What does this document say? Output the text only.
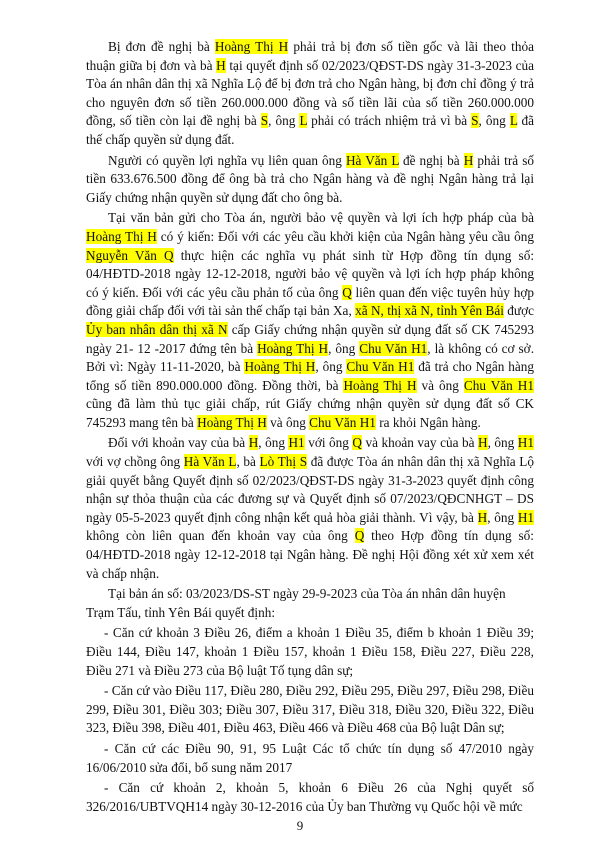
Bị đơn đề nghị bà Hoàng Thị H phải trả bị đơn số tiền gốc và lãi theo thỏa thuận giữa bị đơn và bà H tại quyết định số 02/2023/QĐST-DS ngày 31-3-2023 của Tòa án nhân dân thị xã Nghĩa Lộ để bị đơn trả cho Ngân hàng, bị đơn chỉ đồng ý trả cho nguyên đơn số tiền 260.000.000 đồng và số tiền lãi của số tiền 260.000.000 đồng, số tiền còn lại đề nghị bà S, ông L phải có trách nhiệm trả vì bà S, ông L đã thế chấp quyền sử dụng đất.

Người có quyền lợi nghĩa vụ liên quan ông Hà Văn L đề nghị bà H phải trả số tiền 633.676.500 đồng để ông bà trả cho Ngân hàng và đề nghị Ngân hàng trả lại Giấy chứng nhận quyền sử dụng đất cho ông bà.

Tại văn bản gửi cho Tòa án, người bảo vệ quyền và lợi ích hợp pháp của bà Hoàng Thị H có ý kiến: Đối với các yêu cầu khởi kiện của Ngân hàng yêu cầu ông Nguyễn Văn Q thực hiện các nghĩa vụ phát sinh từ Hợp đồng tín dụng số: 04/HĐTD-2018 ngày 12-12-2018, người bảo vệ quyền và lợi ích hợp pháp không có ý kiến. Đối với các yêu cầu phản tố của ông Q liên quan đến việc tuyên hủy hợp đồng giải chấp đối với tài sản thế chấp tại bản Xa, xã N, thị xã N, tỉnh Yên Bái được Ủy ban nhân dân thị xã N cấp Giấy chứng nhận quyền sử dụng đất số CK 745293 ngày 21- 12 -2017 đứng tên bà Hoàng Thị H, ông Chu Văn H1, là không có cơ sở. Bởi vì: Ngày 11-11-2020, bà Hoàng Thị H, ông Chu Văn H1 đã trả cho Ngân hàng tổng số tiền 890.000.000 đồng. Đồng thời, bà Hoàng Thị H và ông Chu Văn H1 cũng đã làm thủ tục giải chấp, rút Giấy chứng nhận quyền sử dụng đất số CK 745293 mang tên bà Hoàng Thị H và ông Chu Văn H1 ra khỏi Ngân hàng.

Đối với khoản vay của bà H, ông H1 với ông Q và khoản vay của bà H, ông H1 với vợ chồng ông Hà Văn L, bà Lò Thị S đã được Tòa án nhân dân thị xã Nghĩa Lộ giải quyết bằng Quyết định số 02/2023/QĐST-DS ngày 31-3-2023 quyết định công nhận sự thỏa thuận của các đương sự và Quyết định số 07/2023/QĐCNHGT – DS ngày 05-5-2023 quyết định công nhận kết quả hòa giải thành. Vì vậy, bà H, ông H1 không còn liên quan đến khoản vay của ông Q theo Hợp đồng tín dụng số: 04/HĐTD-2018 ngày 12-12-2018 tại Ngân hàng. Đề nghị Hội đồng xét xử xem xét và chấp nhận.

Tại bản án số: 03/2023/DS-ST ngày 29-9-2023 của Tòa án nhân dân huyện Trạm Tấu, tỉnh Yên Bái quyết định:

- Căn cứ khoản 3 Điều 26, điểm a khoản 1 Điều 35, điểm b khoản 1 Điều 39; Điều 144, Điều 147, khoản 1 Điều 157, khoản 1 Điều 158, Điều 227, Điều 228, Điều 271 và Điều 273 của Bộ luật Tố tụng dân sự;

- Căn cứ vào Điều 117, Điều 280, Điều 292, Điều 295, Điều 297, Điều 298, Điều 299, Điều 301, Điều 303; Điều 307, Điều 317, Điều 318, Điều 320, Điều 322, Điều 323, Điều 398, Điều 401, Điều 463, Điều 466 và Điều 468 của Bộ luật Dân sự;

- Căn cứ các Điều 90, 91, 95 Luật Các tổ chức tín dụng số 47/2010 ngày 16/06/2010 sửa đổi, bổ sung năm 2017

- Căn cứ khoản 2, khoản 5, khoản 6 Điều 26 của Nghị quyết số 326/2016/UBTVQH14 ngày 30-12-2016 của Ủy ban Thường vụ Quốc hội về mức

9
